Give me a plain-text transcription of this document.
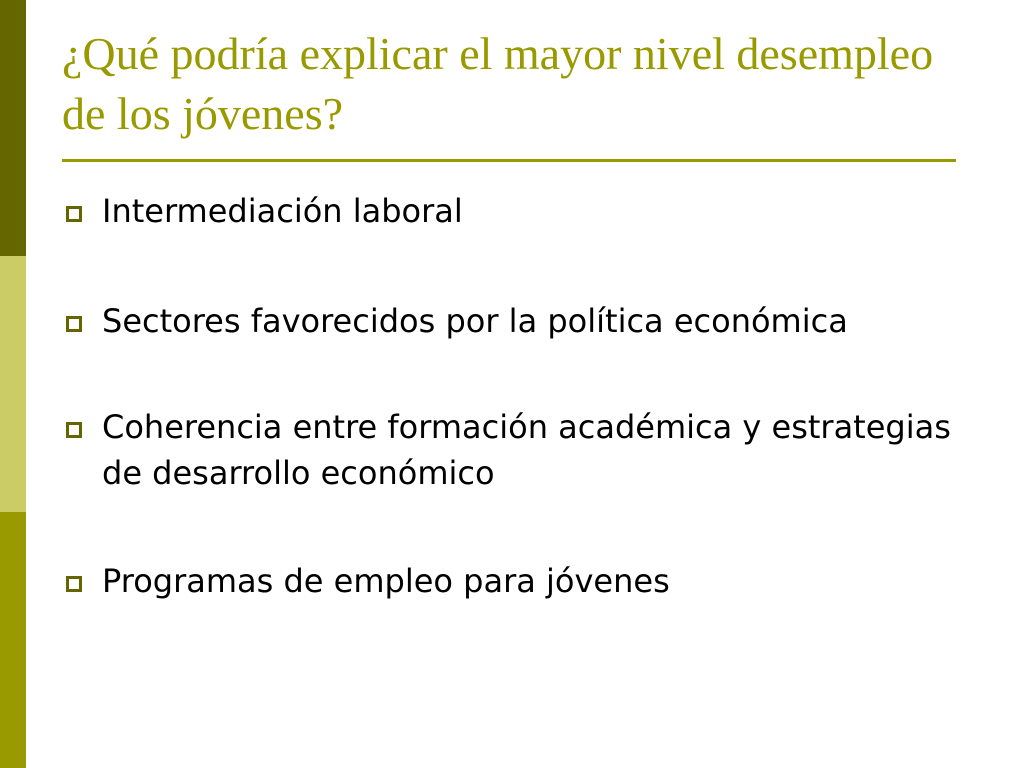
¿Qué podría explicar el mayor nivel desempleo de los jóvenes?
Intermediación laboral
Sectores favorecidos por la política económica
Coherencia entre formación académica y estrategias de desarrollo económico
Programas de empleo para jóvenes
